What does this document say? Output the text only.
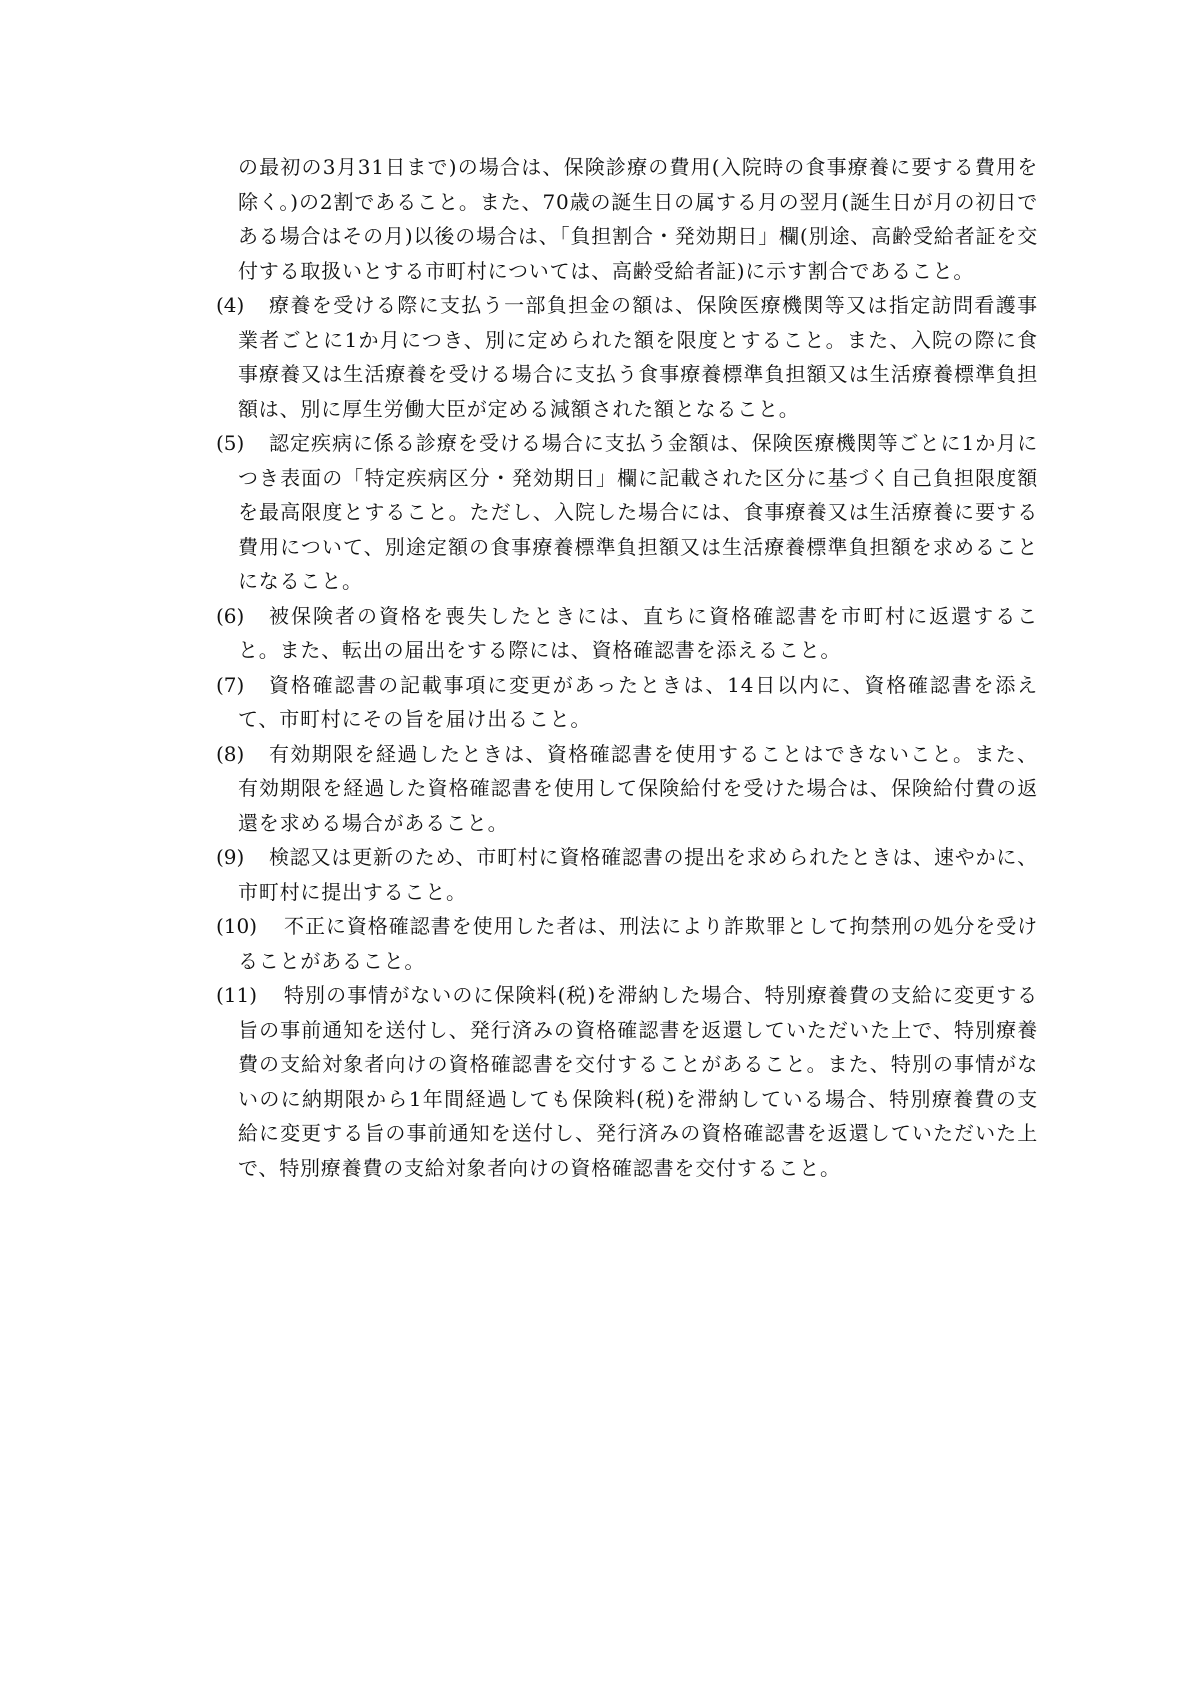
の最初の3月31日まで)の場合は、保険診療の費用(入院時の食事療養に要する費用を除く。)の2割であること。また、70歳の誕生日の属する月の翌月(誕生日が月の初日である場合はその月)以後の場合は、「負担割合・発効期日」欄(別途、高齢受給者証を交付する取扱いとする市町村については、高齢受給者証)に示す割合であること。
(4)	療養を受ける際に支払う一部負担金の額は、保険医療機関等又は指定訪問看護事業者ごとに1か月につき、別に定められた額を限度とすること。また、入院の際に食事療養又は生活療養を受ける場合に支払う食事療養標準負担額又は生活療養標準負担額は、別に厚生労働大臣が定める減額された額となること。
(5)	認定疾病に係る診療を受ける場合に支払う金額は、保険医療機関等ごとに1か月につき表面の「特定疾病区分・発効期日」欄に記載された区分に基づく自己負担限度額を最高限度とすること。ただし、入院した場合には、食事療養又は生活療養に要する費用について、別途定額の食事療養標準負担額又は生活療養標準負担額を求めることになること。
(6)	被保険者の資格を喪失したときには、直ちに資格確認書を市町村に返還すること。また、転出の届出をする際には、資格確認書を添えること。
(7)	資格確認書の記載事項に変更があったときは、14日以内に、資格確認書を添えて、市町村にその旨を届け出ること。
(8)	有効期限を経過したときは、資格確認書を使用することはできないこと。また、有効期限を経過した資格確認書を使用して保険給付を受けた場合は、保険給付費の返還を求める場合があること。
(9)	検認又は更新のため、市町村に資格確認書の提出を求められたときは、速やかに、市町村に提出すること。
(10)	不正に資格確認書を使用した者は、刑法により詐欺罪として拘禁刑の処分を受けることがあること。
(11)	特別の事情がないのに保険料(税)を滞納した場合、特別療養費の支給に変更する旨の事前通知を送付し、発行済みの資格確認書を返還していただいた上で、特別療養費の支給対象者向けの資格確認書を交付することがあること。また、特別の事情がないのに納期限から1年間経過しても保険料(税)を滞納している場合、特別療養費の支給に変更する旨の事前通知を送付し、発行済みの資格確認書を返還していただいた上で、特別療養費の支給対象者向けの資格確認書を交付すること。
